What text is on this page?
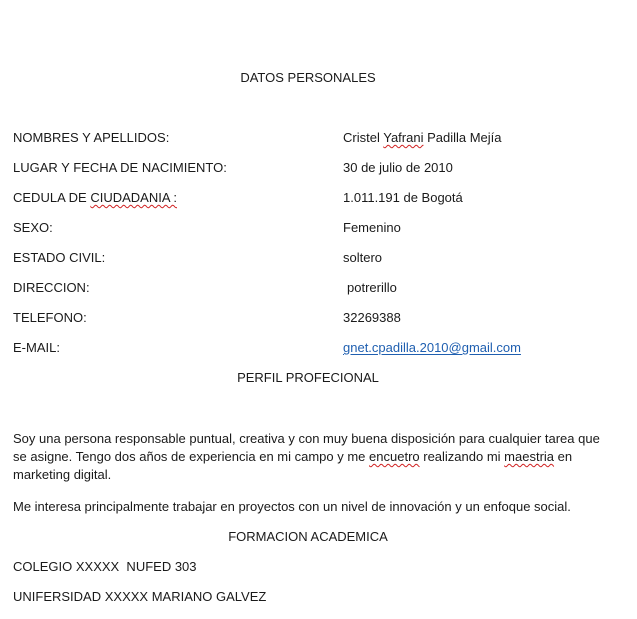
DATOS PERSONALES
NOMBRES Y APELLIDOS:	Cristel Yafrani Padilla Mejía
LUGAR Y FECHA DE NACIMIENTO:	30 de julio de 2010
CEDULA DE CIUDADANIA :	1.011.191 de Bogotá
SEXO:	Femenino
ESTADO CIVIL:	soltero
DIRECCION:	potrerillo
TELEFONO:	32269388
E-MAIL:	gnet.cpadilla.2010@gmail.com
PERFIL PROFECIONAL

Soy una persona responsable puntual, creativa y con muy buena disposición para cualquier tarea que se asigne. Tengo dos años de experiencia en mi campo y me encuetro realizando mi maestria en marketing digital.

Me interesa principalmente trabajar en proyectos con un nivel de innovación y un enfoque social.

FORMACION ACADEMICA
COLEGIO XXXXX  NUFED 303
UNIFERSIDAD XXXXX MARIANO GALVEZ
